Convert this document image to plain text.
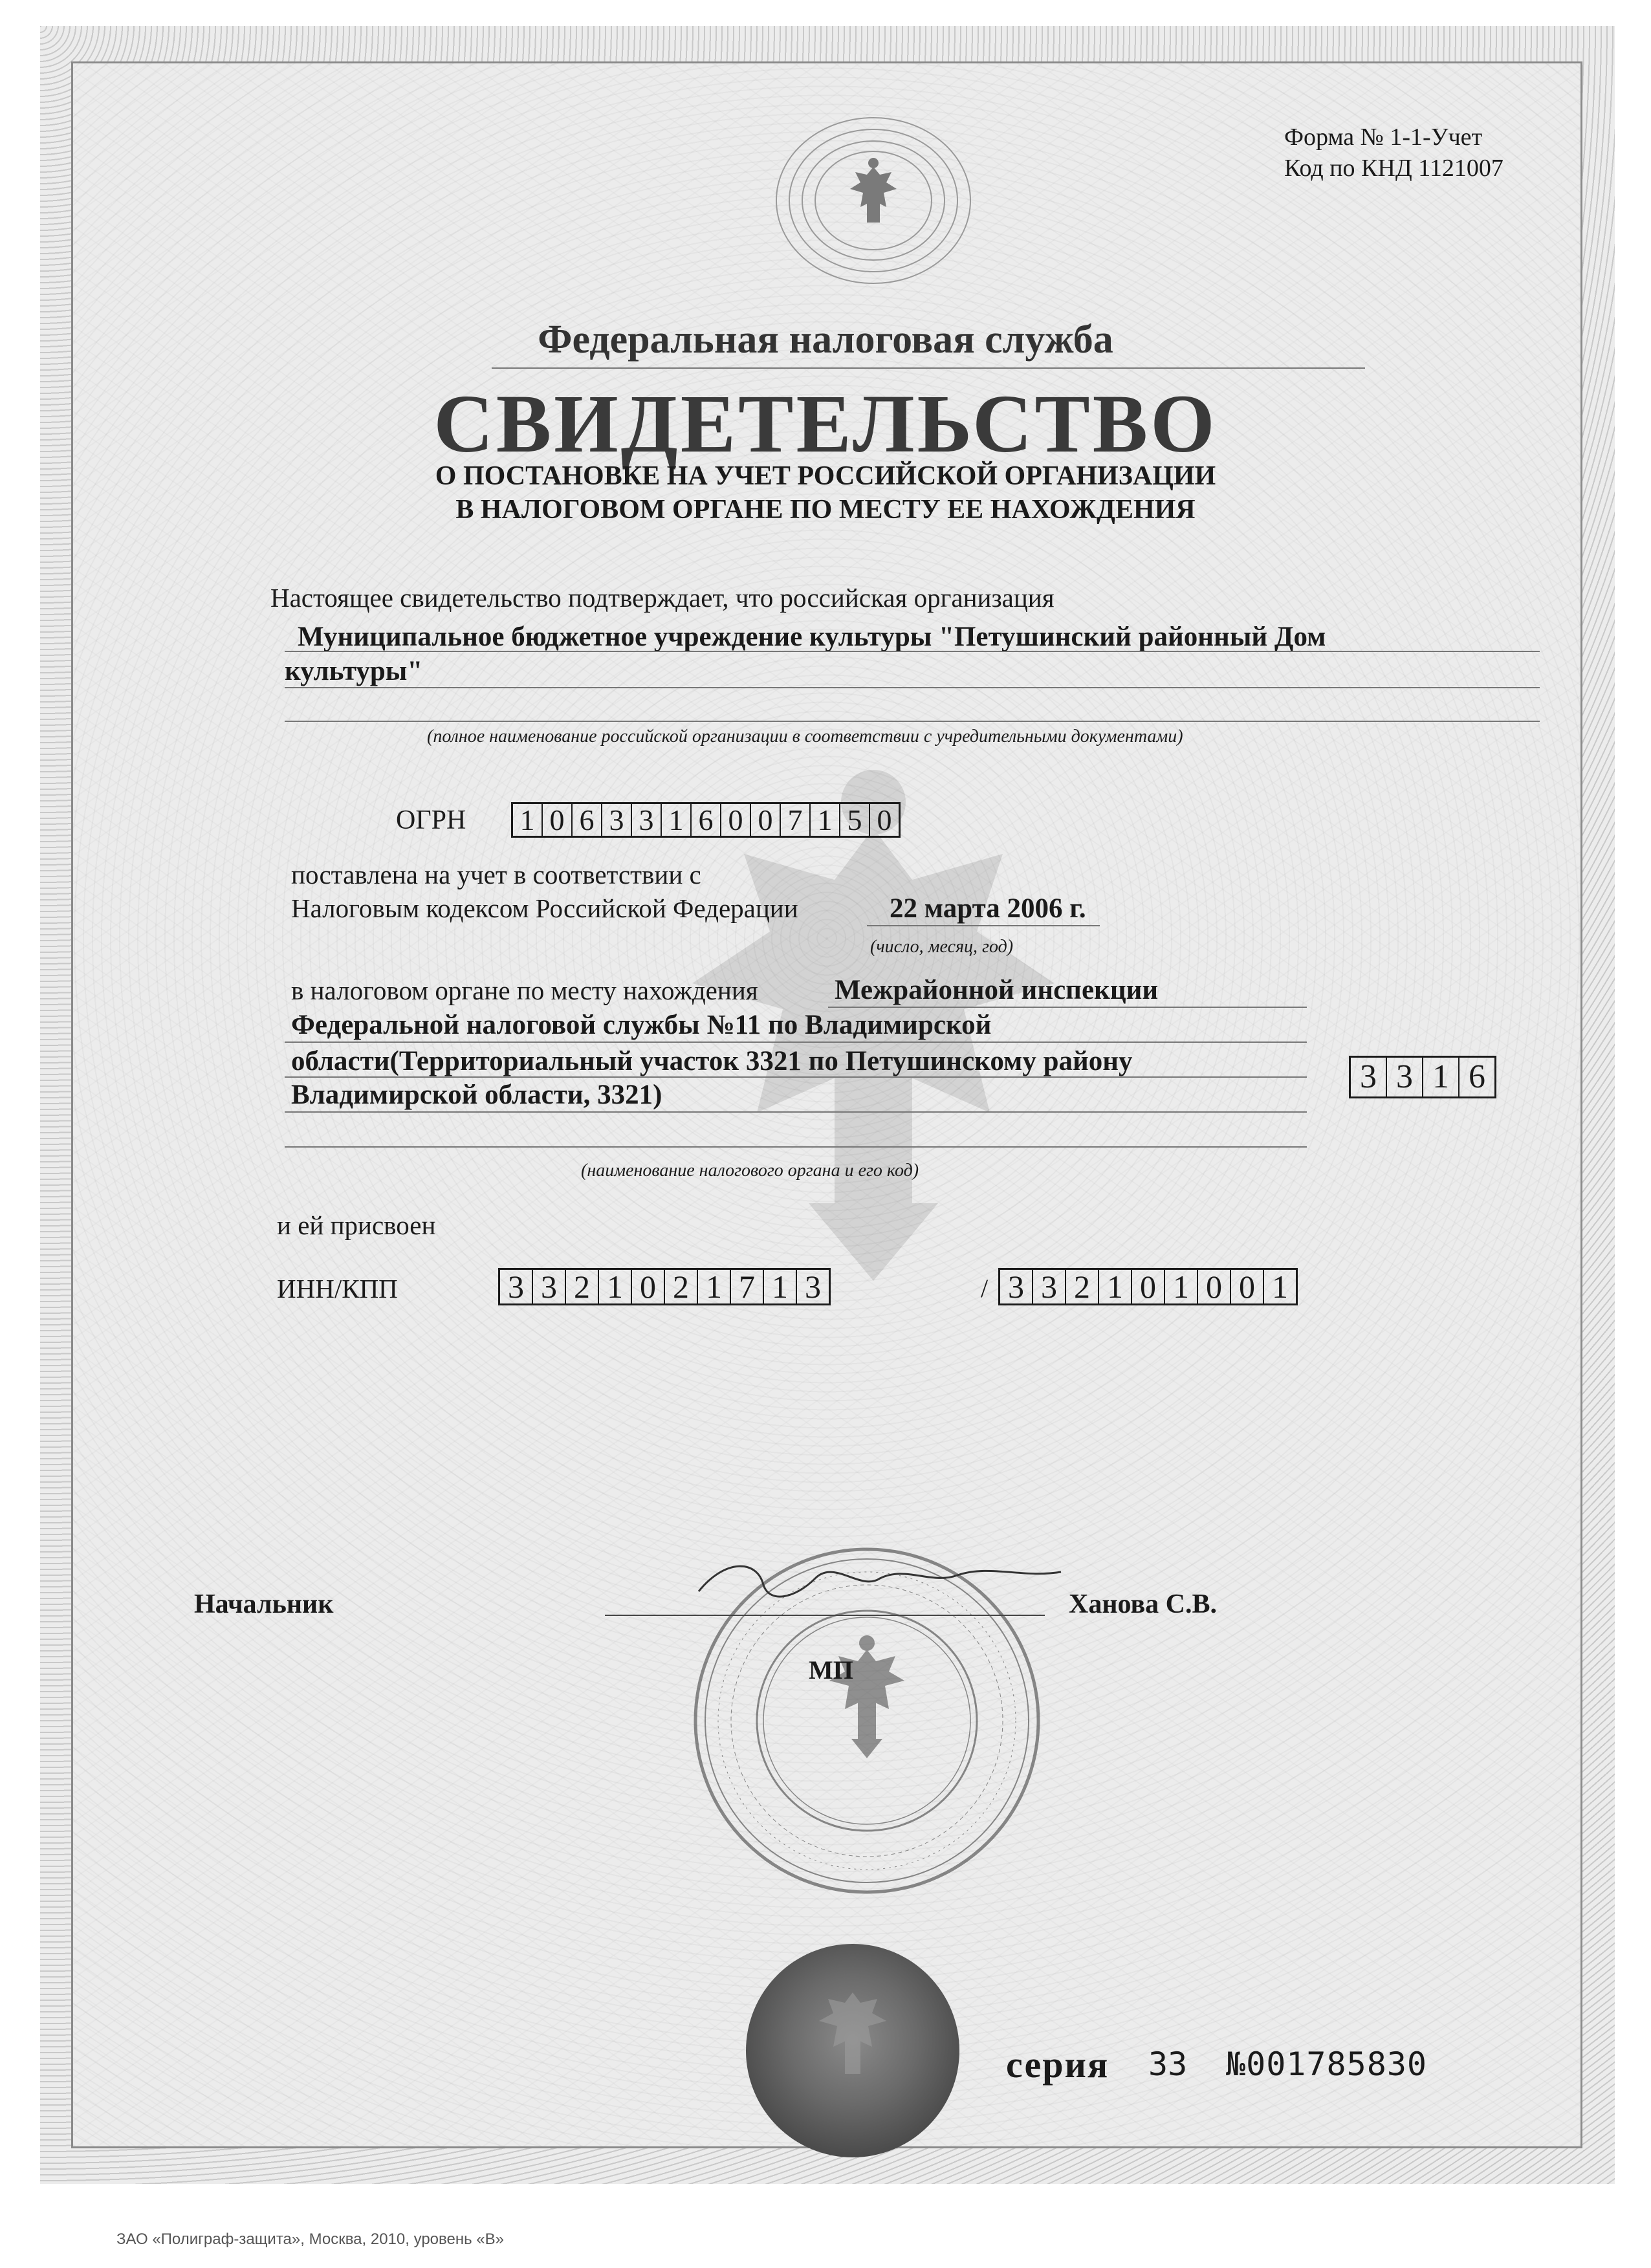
Форма № 1-1-Учет
Код по КНД 1121007
Федеральная налоговая служба
СВИДЕТЕЛЬСТВО
О ПОСТАНОВКЕ НА УЧЕТ РОССИЙСКОЙ ОРГАНИЗАЦИИ
В НАЛОГОВОМ ОРГАНЕ ПО МЕСТУ ЕЕ НАХОЖДЕНИЯ
Настоящее свидетельство подтверждает, что российская организация
Муниципальное бюджетное учреждение культуры "Петушинский районный Дом
культуры"
(полное наименование российской организации в соответствии с учредительными документами)
ОГРН 1 0 6 3 3 1 6 0 0 7 1 5 0
поставлена на учет в соответствии с
Налоговым кодексом Российской Федерации	22 марта 2006 г.
(число, месяц, год)
в налоговом органе по месту нахождения	Межрайонной инспекции
Федеральной налоговой службы №11 по Владимирской
области(Территориальный участок 3321 по Петушинскому району
Владимирской области, 3321)	3 3 1 6
(наименование налогового органа и его код)
и ей присвоен
ИНН/КПП	3 3 2 1 0 2 1 7 1 3	/ 3 3 2 1 0 1 0 0 1
Начальник	Ханова С.В.
МП
серия 33 №001785830
ЗАО «Полиграф-защита», Москва, 2010, уровень «В»
